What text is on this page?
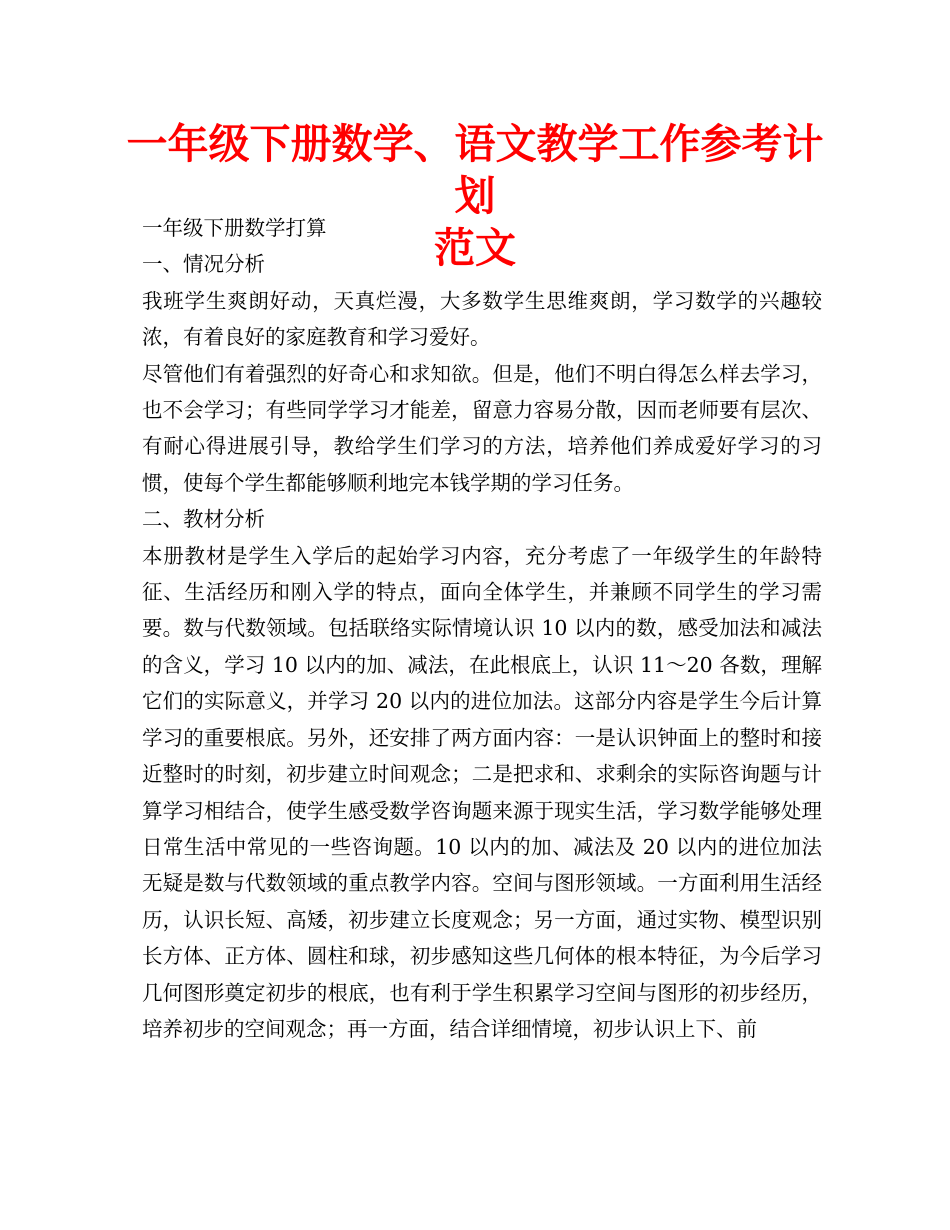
一年级下册数学、语文教学工作参考计划
范文

一年级下册数学打算

一、情况分析

我班学生爽朗好动，天真烂漫，大多数学生思维爽朗，学习数学的兴趣较浓，有着良好的家庭教育和学习爱好。

尽管他们有着强烈的好奇心和求知欲。但是，他们不明白得怎么样去学习，也不会学习；有些同学学习才能差，留意力容易分散，因而老师要有层次、有耐心得进展引导，教给学生们学习的方法，培养他们养成爱好学习的习惯，使每个学生都能够顺利地完本钱学期的学习任务。

二、教材分析

本册教材是学生入学后的起始学习内容，充分考虑了一年级学生的年龄特征、生活经历和刚入学的特点，面向全体学生，并兼顾不同学生的学习需要。数与代数领域。包括联络实际情境认识 10 以内的数，感受加法和减法的含义，学习 10 以内的加、减法，在此根底上，认识 11～20 各数，理解它们的实际意义，并学习 20 以内的进位加法。这部分内容是学生今后计算学习的重要根底。另外，还安排了两方面内容：一是认识钟面上的整时和接近整时的时刻，初步建立时间观念；二是把求和、求剩余的实际咨询题与计算学习相结合，使学生感受数学咨询题来源于现实生活，学习数学能够处理日常生活中常见的一些咨询题。10 以内的加、减法及 20 以内的进位加法无疑是数与代数领域的重点教学内容。空间与图形领域。一方面利用生活经历，认识长短、高矮，初步建立长度观念；另一方面，通过实物、模型识别长方体、正方体、圆柱和球，初步感知这些几何体的根本特征，为今后学习几何图形奠定初步的根底，也有利于学生积累学习空间与图形的初步经历，培养初步的空间观念；再一方面，结合详细情境，初步认识上下、前
